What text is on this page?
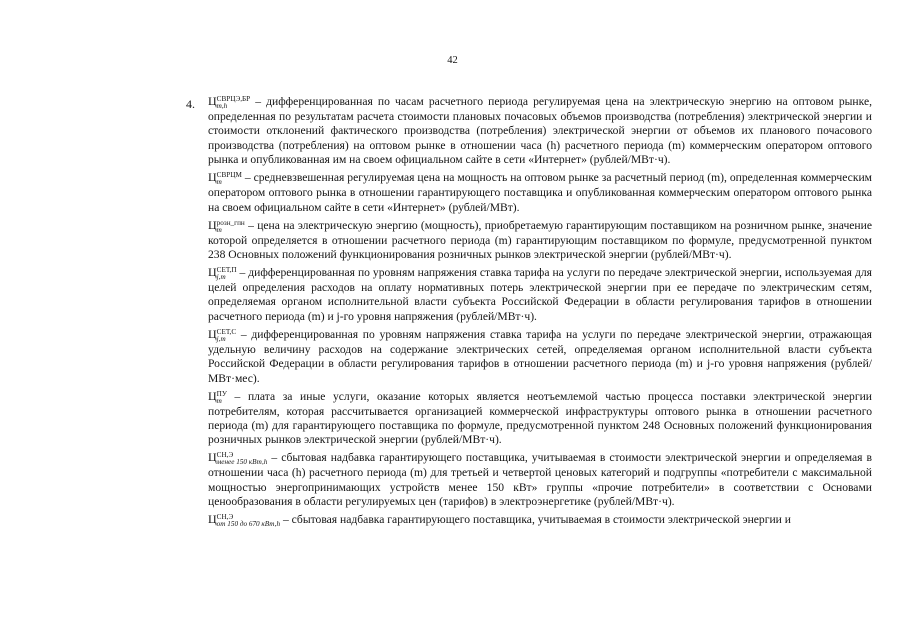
42
4. Ц СВРЦЭ,БР
m,h	– дифференцированная по часам расчетного периода регулируемая цена на электрическую энергию на оптовом рынке, определенная по результатам расчета стоимости плановых почасовых объемов производства (потребления) электрической энергии и стоимости отклонений фактического производства (потребления) электрической энергии от объемов их планового почасового производства (потребления) на оптовом рынке в отношении часа (h) расчетного периода (m) коммерческим оператором оптового рынка и опубликованная им на своем официальном сайте в сети «Интернет» (рублей/МВт·ч).

Ц СВРЦМ
m	– средневзвешенная регулируемая цена на мощность на оптовом рынке за расчетный период (m), определенная коммерческим оператором оптового рынка в отношении гарантирующего поставщика и опубликованная коммерческим оператором оптового рынка на своем официальном сайте в сети «Интернет» (рублей/МВт).

Ц розн_гпн
m	– цена на электрическую энергию (мощность), приобретаемую гарантирующим поставщиком на розничном рынке, значение которой определяется в отношении расчетного периода (m) гарантирующим поставщиком по формуле, предусмотренной пунктом 238 Основных положений функционирования розничных рынков электрической энергии (рублей/МВт·ч).

Ц СЕТ,П
j,m – дифференцированная по уровням напряжения ставка тарифа на услуги по передаче электрической энергии, используемая для целей определения расходов на оплату нормативных потерь электрической энергии при ее передаче по электрическим сетям, определяемая органом исполнительной власти субъекта Российской Федерации в области регулирования тарифов в отношении расчетного периода (m) и j-го уровня напряжения (рублей/МВт·ч).

Ц СЕТ,С
j,m – дифференцированная по уровням напряжения ставка тарифа на услуги по передаче электрической энергии, отражающая удельную величину расходов на содержание электрических сетей, определяемая органом исполнительной власти субъекта Российской Федерации в области регулирования тарифов в отношении расчетного периода (m) и j-го уровня напряжения (рублей/МВт·мес).

Ц ПУ
m – плата за иные услуги, оказание которых является неотъемлемой частью процесса поставки электрической энергии потребителям, которая рассчитывается организацией коммерческой инфраструктуры оптового рынка в отношении расчетного периода (m) для гарантирующего поставщика по формуле, предусмотренной пунктом 248 Основных положений функционирования розничных рынков электрической энергии (рублей/МВт·ч).

Ц СН,Э
менее 150 кВт,h – сбытовая надбавка гарантирующего поставщика, учитываемая в стоимости электрической энергии и определяемая в отношении часа (h) расчетного периода (m) для третьей и четвертой ценовых категорий и подгруппы «потребители с максимальной мощностью энергопринимающих устройств менее 150 кВт» группы «прочие потребители» в соответствии с Основами ценообразования в области регулируемых цен (тарифов) в электроэнергетике (рублей/МВт·ч).

Ц СН,Э
от 150 до 670 кВт,h – сбытовая надбавка гарантирующего поставщика, учитываемая в стоимости электрической энергии и
